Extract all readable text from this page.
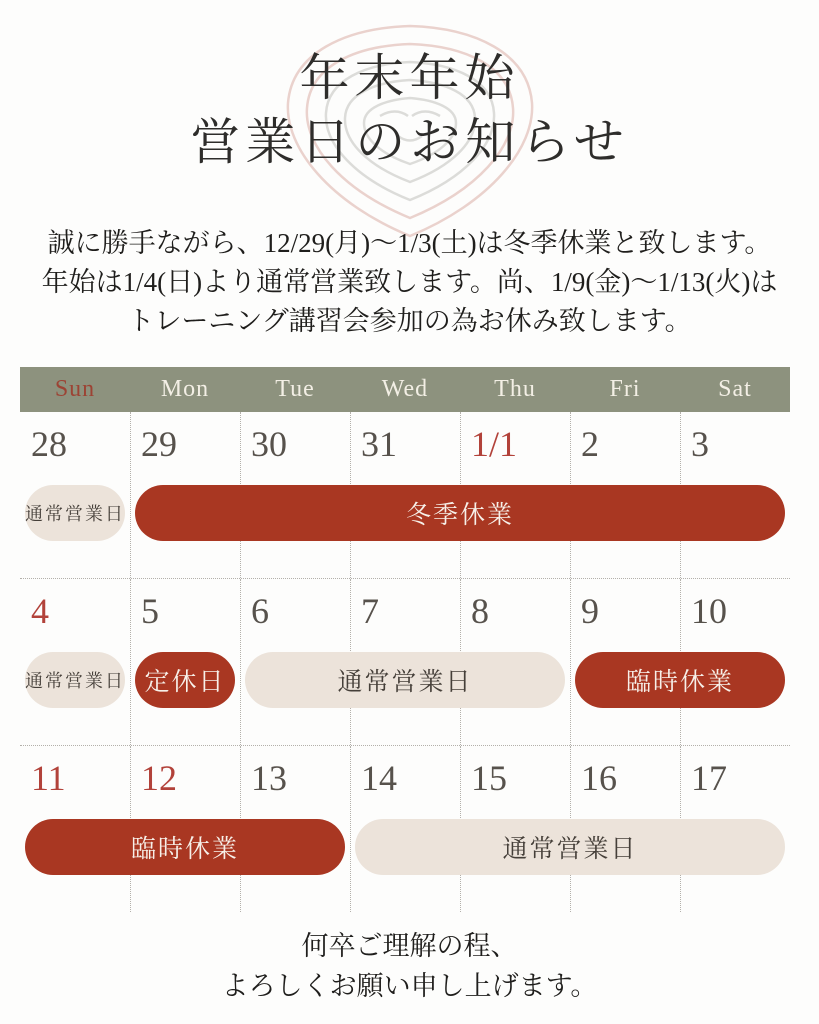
年末年始
営業日のお知らせ
誠に勝手ながら、12/29(月)〜1/3(土)は冬季休業と致します。
年始は1/4(日)より通常営業致します。尚、1/9(金)〜1/13(火)は
トレーニング講習会参加の為お休み致します。
Sun	Mon	Tue	Wed	Thu	Fri	Sat
28	29	30	31	1/1	2	3
通常営業日	冬季休業
4	5	6	7	8	9	10
通常営業日 定休日	通常営業日	臨時休業
11	12	13	14	15	16	17
臨時休業	通常営業日
何卒ご理解の程、
よろしくお願い申し上げます。
